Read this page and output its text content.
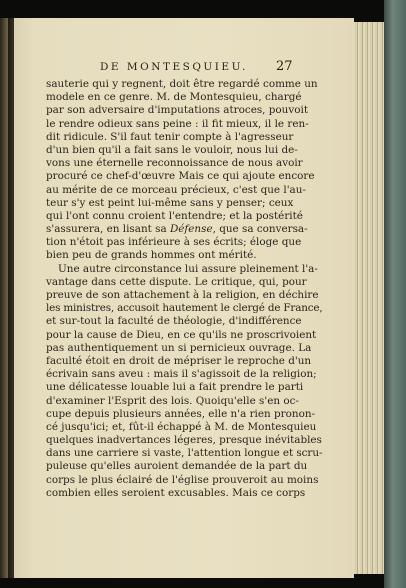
DE MONTESQUIEU. 27
sauterie qui y regnent, doit être regardé comme un
modele en ce genre. M. de Montesquieu, chargé
par son adversaire d'imputations atroces, pouvoit
le rendre odieux sans peine : il fit mieux, il le ren-
dit ridicule. S'il faut tenir compte à l'agresseur
d'un bien qu'il a fait sans le vouloir, nous lui de-
vons une éternelle reconnoissance de nous avoir
procuré ce chef-d'œuvre Mais ce qui ajoute encore
au mérite de ce morceau précieux, c'est que l'au-
teur s'y est peint lui-même sans y penser; ceux
qui l'ont connu croient l'entendre; et la postérité
s'assurera, en lisant sa Défense, que sa conversa-
tion n'étoit pas inférieure à ses écrits; éloge que
bien peu de grands hommes ont mérité.
Une autre circonstance lui assure pleinement l'a-
vantage dans cette dispute. Le critique, qui, pour
preuve de son attachement à la religion, en déchire
les ministres, accusoit hautement le clergé de France,
et sur-tout la faculté de théologie, d'indifférence
pour la cause de Dieu, en ce qu'ils ne proscrivoient
pas authentiquement un si pernicieux ouvrage. La
faculté étoit en droit de mépriser le reproche d'un
écrivain sans aveu : mais il s'agissoit de la religion;
une délicatesse louable lui a fait prendre le parti
d'examiner l'Esprit des lois. Quoiqu'elle s'en oc-
cupe depuis plusieurs années, elle n'a rien pronon-
cé jusqu'ici; et, fût-il échappé à M. de Montesquieu
quelques inadvertances légeres, presque inévitables
dans une carriere si vaste, l'attention longue et scru-
puleuse qu'elles auroient demandée de la part du
corps le plus éclairé de l'église prouveroit au moins
combien elles seroient excusables. Mais ce corps
